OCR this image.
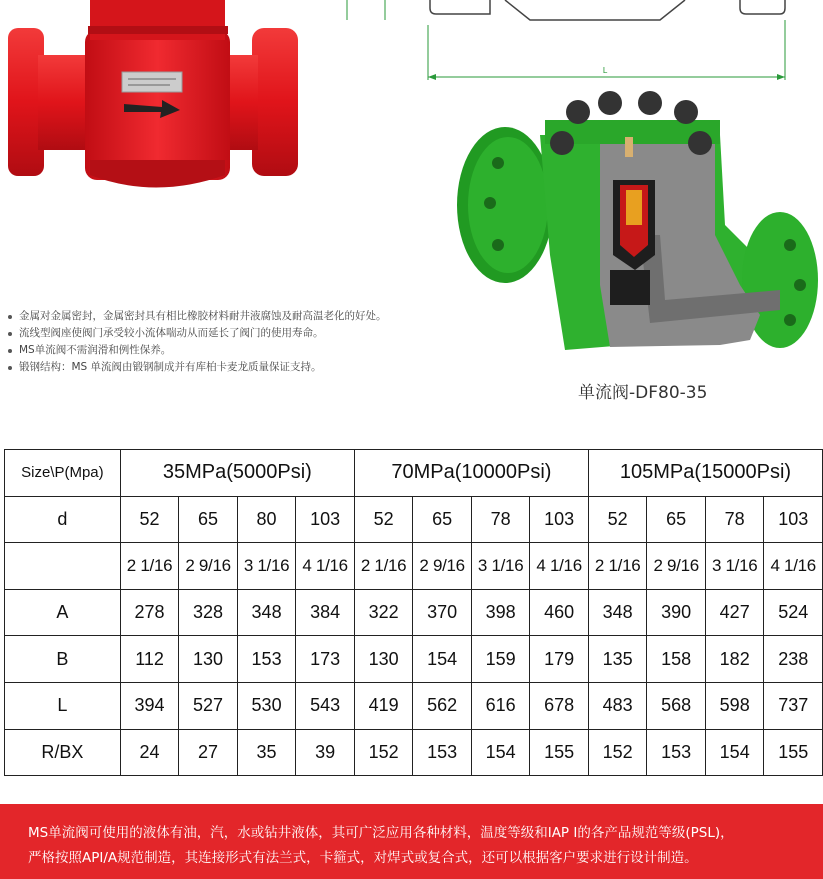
L
金属对金属密封，金属密封具有相比橡胶材料耐井液腐蚀及耐高温老化的好处。
流线型阀座使阀门承受较小流体喘动从而延长了阀门的使用寿命。
MS单流阀不需润滑和例性保养。
锻钢结构：MS 单流阀由锻钢制成并有库柏卡麦龙质量保证支持。
单流阀-DF80-35
Size\P(Mpa)	35MPa(5000Psi)				70MPa(10000Psi)				105MPa(15000Psi)			
d	52	65	80	103	52	65	78	103	52	65	78	103
	2 1/16	2 9/16	3 1/16	4 1/16	2 1/16	2 9/16	3 1/16	4 1/16	2 1/16	2 9/16	3 1/16	4 1/16
A	278	328	348	384	322	370	398	460	348	390	427	524
B	112	130	153	173	130	154	159	179	135	158	182	238
L	394	527	530	543	419	562	616	678	483	568	598	737
R/BX	24	27	35	39	152	153	154	155	152	153	154	155

MS单流阀可使用的液体有油，汽，水或钻井液体，其可广泛应用各种材料，温度等级和IAP I的各产品规范等级(PSL)，

严格按照API/A规范制造，其连接形式有法兰式，卡箍式，对焊式或复合式，还可以根据客户要求进行设计制造。
